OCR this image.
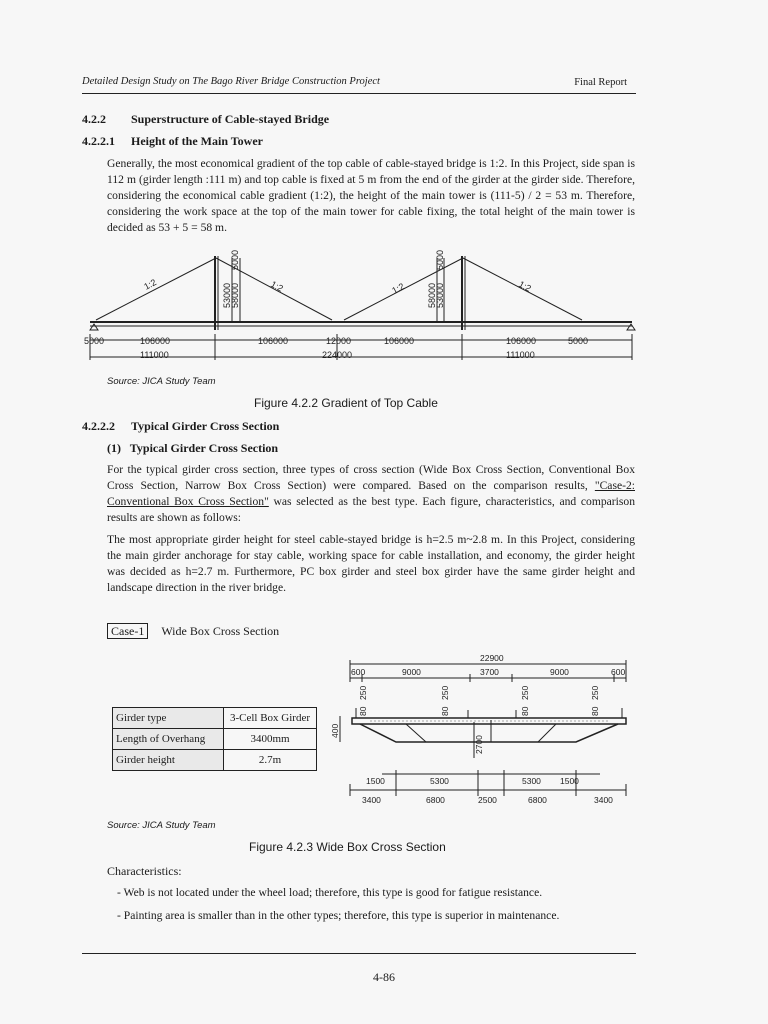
Detailed Design Study on The Bago River Bridge Construction Project	Final Report
4.2.2 Superstructure of Cable-stayed Bridge
4.2.2.1 Height of the Main Tower
Generally, the most economical gradient of the top cable of cable-stayed bridge is 1:2. In this Project, side span is 112 m (girder length :111 m) and top cable is fixed at 5 m from the end of the girder at the girder side. Therefore, considering the economical cable gradient (1:2), the height of the main tower is (111-5) / 2 = 53 m. Therefore, considering the work space at the top of the main tower for cable fixing, the total height of the main tower is decided as 53 + 5 = 58 m.
1:2	1:2	1:2	1:2
53000
58000
5000
58000
53000
5000
5000	106000	106000	12000	106000	106000	5000
111000	224000	111000
Source: JICA Study Team
Figure 4.2.2 Gradient of Top Cable
4.2.2.2 Typical Girder Cross Section
(1)   Typical Girder Cross Section
For the typical girder cross section, three types of cross section (Wide Box Cross Section, Conventional Box Cross Section, Narrow Box Cross Section) were compared. Based on the comparison results, "Case-2: Conventional Box Cross Section" was selected as the best type. Each figure, characteristics, and comparison results are shown as follows:
The most appropriate girder height for steel cable-stayed bridge is h=2.5 m~2.8 m. In this Project, considering the main girder anchorage for stay cable, working space for cable installation, and economy, the girder height was decided as h=2.7 m. Furthermore, PC box girder and steel box girder have the same girder height and landscape direction in the river bridge.
Case-1 Wide Box Cross Section
Girder type	3-Cell Box Girder
Length of Overhang	3400mm
Girder height	2.7m
22900
600	9000	3700	9000	600
80
250
80
250
80
250
80
250
400
2700
1500	5300	5300 1500
3400	6800	2500	6800	3400
Source: JICA Study Team
Figure 4.2.3 Wide Box Cross Section
Characteristics:
- Web is not located under the wheel load; therefore, this type is good for fatigue resistance.
- Painting area is smaller than in the other types; therefore, this type is superior in maintenance.
4-86
